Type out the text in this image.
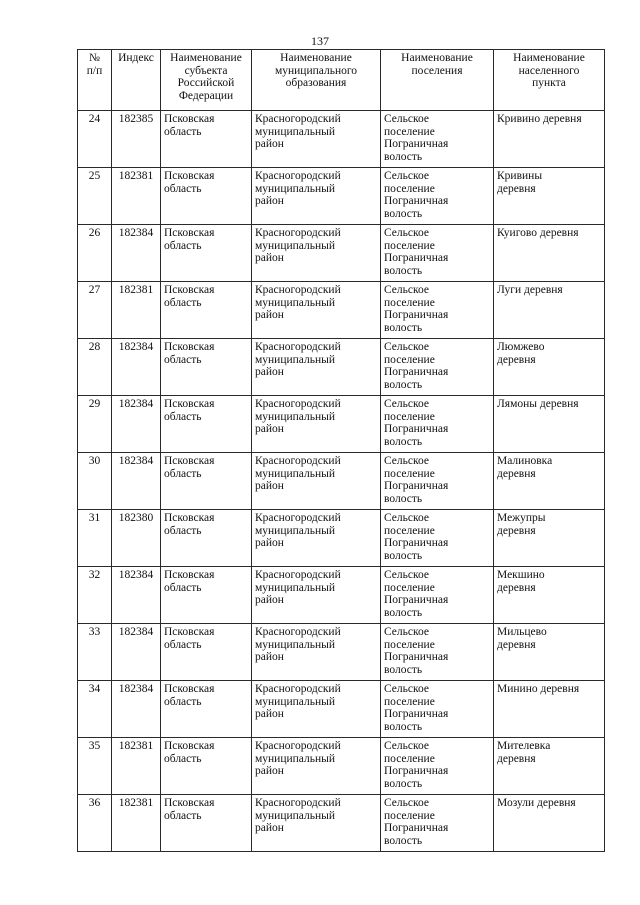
137
№
п/п	Индекс	Наименование
субъекта
Российской
Федерации	Наименование
муниципального
образования	Наименование
поселения	Наименование
населенного
пункта

24	182385	Псковская
область	Красногородский
муниципальный
район	Сельское
поселение
Пограничная
волость	Кривино деревня

25	182381	Псковская
область	Красногородский
муниципальный
район	Сельское
поселение
Пограничная
волость	Кривины
деревня

26	182384	Псковская
область	Красногородский
муниципальный
район	Сельское
поселение
Пограничная
волость	Куигово деревня

27	182381	Псковская
область	Красногородский
муниципальный
район	Сельское
поселение
Пограничная
волость	Луги деревня

28	182384	Псковская
область	Красногородский
муниципальный
район	Сельское
поселение
Пограничная
волость	Люмжево
деревня

29	182384	Псковская
область	Красногородский
муниципальный
район	Сельское
поселение
Пограничная
волость	Лямоны деревня

30	182384	Псковская
область	Красногородский
муниципальный
район	Сельское
поселение
Пограничная
волость	Малиновка
деревня

31	182380	Псковская
область	Красногородский
муниципальный
район	Сельское
поселение
Пограничная
волость	Межупры
деревня

32	182384	Псковская
область	Красногородский
муниципальный
район	Сельское
поселение
Пограничная
волость	Мекшино
деревня

33	182384	Псковская
область	Красногородский
муниципальный
район	Сельское
поселение
Пограничная
волость	Мильцево
деревня

34	182384	Псковская
область	Красногородский
муниципальный
район	Сельское
поселение
Пограничная
волость	Минино деревня

35	182381	Псковская
область	Красногородский
муниципальный
район	Сельское
поселение
Пограничная
волость	Мителевка
деревня

36	182381	Псковская
область	Красногородский
муниципальный
район	Сельское
поселение
Пограничная
волость	Мозули деревня
